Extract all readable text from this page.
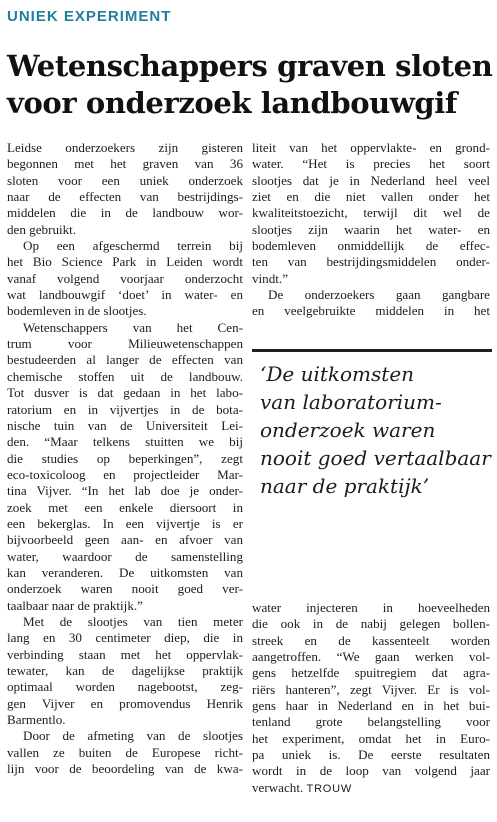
UNIEK EXPERIMENT
Wetenschappers graven sloten
voor onderzoek landbouwgif
Leidse onderzoekers zijn gisteren
begonnen met het graven van 36
sloten voor een uniek onderzoek
naar de effecten van bestrijdings-
middelen die in de landbouw wor-
den gebruikt.
Op een afgeschermd terrein bij
het Bio Science Park in Leiden wordt
vanaf volgend voorjaar onderzocht
wat landbouwgif ‘doet’ in water- en
bodemleven in de slootjes.
Wetenschappers van het Cen-
trum voor Milieuwetenschappen
bestudeerden al langer de effecten van
chemische stoffen uit de landbouw.
Tot dusver is dat gedaan in het labo-
ratorium en in vijvertjes in de bota-
nische tuin van de Universiteit Lei-
den. “Maar telkens stuitten we bij
die studies op beperkingen”, zegt
eco-toxicoloog en projectleider Mar-
tina Vijver. “In het lab doe je onder-
zoek met een enkele diersoort in
een bekerglas. In een vijvertje is er
bijvoorbeeld geen aan- en afvoer van
water, waardoor de samenstelling
kan veranderen. De uitkomsten van
onderzoek waren nooit goed ver-
taalbaar naar de praktijk.”
Met de slootjes van tien meter
lang en 30 centimeter diep, die in
verbinding staan met het oppervlak-
tewater, kan de dagelijkse praktijk
optimaal worden nagebootst, zeg-
gen Vijver en promovendus Henrik
Barmentlo.
Door de afmeting van de slootjes
vallen ze buiten de Europese richt-
lijn voor de beoordeling van de kwa-
liteit van het oppervlakte- en grond-
water. “Het is precies het soort
slootjes dat je in Nederland heel veel
ziet en die niet vallen onder het
kwaliteitstoezicht, terwijl dit wel de
slootjes zijn waarin het water- en
bodemleven onmiddellijk de effec-
ten van bestrijdingsmiddelen onder-
vindt.”
De onderzoekers gaan gangbare
en veelgebruikte middelen in het
‘De uitkomsten
van laboratorium-
onderzoek waren
nooit goed vertaalbaar
naar de praktijk’
water injecteren in hoeveelheden
die ook in de nabij gelegen bollen-
streek en de kassenteelt worden
aangetroffen. “We gaan werken vol-
gens hetzelfde spuitregiem dat agra-
riërs hanteren”, zegt Vijver. Er is vol-
gens haar in Nederland en in het bui-
tenland grote belangstelling voor
het experiment, omdat het in Euro-
pa uniek is. De eerste resultaten
wordt in de loop van volgend jaar
verwacht. TROUW
